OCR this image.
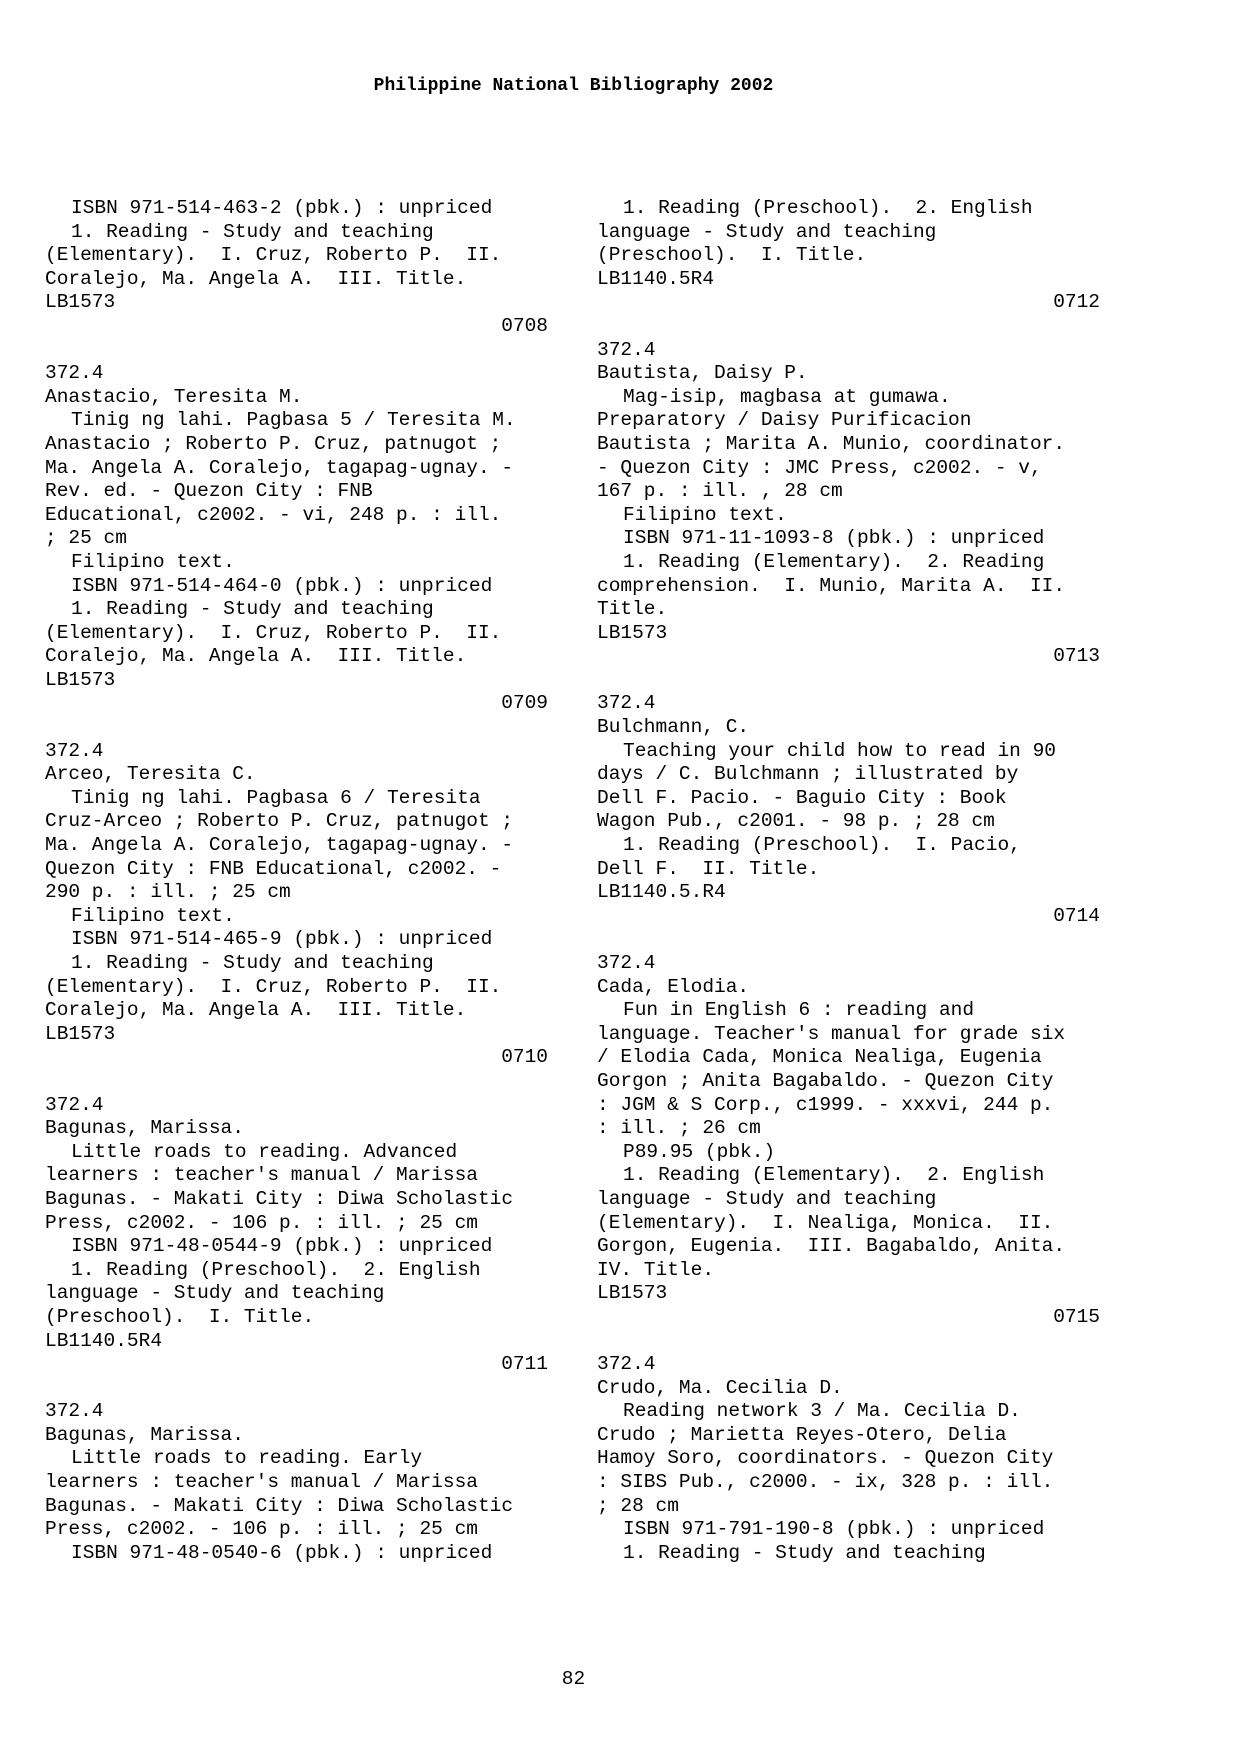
Philippine National Bibliography 2002
ISBN 971-514-463-2 (pbk.) : unpriced
1. Reading - Study and teaching
(Elementary).  I. Cruz, Roberto P.  II.
Coralejo, Ma. Angela A.  III. Title.
LB1573
0708
372.4
Anastacio, Teresita M.
Tinig ng lahi. Pagbasa 5 / Teresita M.
Anastacio ; Roberto P. Cruz, patnugot ;
Ma. Angela A. Coralejo, tagapag-ugnay. -
Rev. ed. - Quezon City : FNB
Educational, c2002. - vi, 248 p. : ill.
; 25 cm
Filipino text.
ISBN 971-514-464-0 (pbk.) : unpriced
1. Reading - Study and teaching
(Elementary).  I. Cruz, Roberto P.  II.
Coralejo, Ma. Angela A.  III. Title.
LB1573
0709
372.4
Arceo, Teresita C.
Tinig ng lahi. Pagbasa 6 / Teresita
Cruz-Arceo ; Roberto P. Cruz, patnugot ;
Ma. Angela A. Coralejo, tagapag-ugnay. -
Quezon City : FNB Educational, c2002. -
290 p. : ill. ; 25 cm
Filipino text.
ISBN 971-514-465-9 (pbk.) : unpriced
1. Reading - Study and teaching
(Elementary).  I. Cruz, Roberto P.  II.
Coralejo, Ma. Angela A.  III. Title.
LB1573
0710
372.4
Bagunas, Marissa.
Little roads to reading. Advanced
learners : teacher's manual / Marissa
Bagunas. - Makati City : Diwa Scholastic
Press, c2002. - 106 p. : ill. ; 25 cm
ISBN 971-48-0544-9 (pbk.) : unpriced
1. Reading (Preschool).  2. English
language - Study and teaching
(Preschool).  I. Title.
LB1140.5R4
0711
372.4
Bagunas, Marissa.
Little roads to reading. Early
learners : teacher's manual / Marissa
Bagunas. - Makati City : Diwa Scholastic
Press, c2002. - 106 p. : ill. ; 25 cm
ISBN 971-48-0540-6 (pbk.) : unpriced
1. Reading (Preschool).  2. English
language - Study and teaching
(Preschool).  I. Title.
LB1140.5R4
0712
372.4
Bautista, Daisy P.
Mag-isip, magbasa at gumawa.
Preparatory / Daisy Purificacion
Bautista ; Marita A. Munio, coordinator.
- Quezon City : JMC Press, c2002. - v,
167 p. : ill. , 28 cm
Filipino text.
ISBN 971-11-1093-8 (pbk.) : unpriced
1. Reading (Elementary).  2. Reading
comprehension.  I. Munio, Marita A.  II.
Title.
LB1573
0713
372.4
Bulchmann, C.
Teaching your child how to read in 90
days / C. Bulchmann ; illustrated by
Dell F. Pacio. - Baguio City : Book
Wagon Pub., c2001. - 98 p. ; 28 cm
1. Reading (Preschool).  I. Pacio,
Dell F.  II. Title.
LB1140.5.R4
0714
372.4
Cada, Elodia.
Fun in English 6 : reading and
language. Teacher's manual for grade six
/ Elodia Cada, Monica Nealiga, Eugenia
Gorgon ; Anita Bagabaldo. - Quezon City
: JGM & S Corp., c1999. - xxxvi, 244 p.
: ill. ; 26 cm
P89.95 (pbk.)
1. Reading (Elementary).  2. English
language - Study and teaching
(Elementary).  I. Nealiga, Monica.  II.
Gorgon, Eugenia.  III. Bagabaldo, Anita.
IV. Title.
LB1573
0715
372.4
Crudo, Ma. Cecilia D.
Reading network 3 / Ma. Cecilia D.
Crudo ; Marietta Reyes-Otero, Delia
Hamoy Soro, coordinators. - Quezon City
: SIBS Pub., c2000. - ix, 328 p. : ill.
; 28 cm
ISBN 971-791-190-8 (pbk.) : unpriced
1. Reading - Study and teaching
82
